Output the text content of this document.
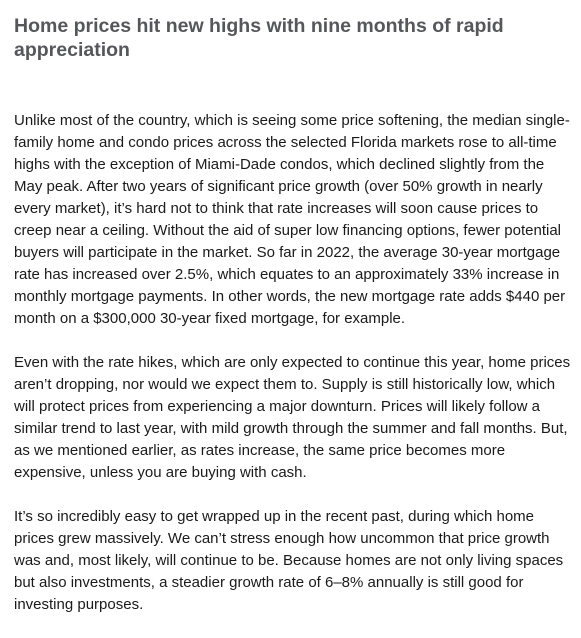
Home prices hit new highs with nine months of rapid appreciation

Unlike most of the country, which is seeing some price softening, the median single-family home and condo prices across the selected Florida markets rose to all-time highs with the exception of Miami-Dade condos, which declined slightly from the May peak. After two years of significant price growth (over 50% growth in nearly every market), it’s hard not to think that rate increases will soon cause prices to creep near a ceiling. Without the aid of super low financing options, fewer potential buyers will participate in the market. So far in 2022, the average 30-year mortgage rate has increased over 2.5%, which equates to an approximately 33% increase in monthly mortgage payments. In other words, the new mortgage rate adds $440 per month on a $300,000 30-year fixed mortgage, for example.

Even with the rate hikes, which are only expected to continue this year, home prices aren’t dropping, nor would we expect them to. Supply is still historically low, which will protect prices from experiencing a major downturn. Prices will likely follow a similar trend to last year, with mild growth through the summer and fall months. But, as we mentioned earlier, as rates increase, the same price becomes more expensive, unless you are buying with cash.

It’s so incredibly easy to get wrapped up in the recent past, during which home prices grew massively. We can’t stress enough how uncommon that price growth was and, most likely, will continue to be. Because homes are not only living spaces but also investments, a steadier growth rate of 6–8% annually is still good for investing purposes.
